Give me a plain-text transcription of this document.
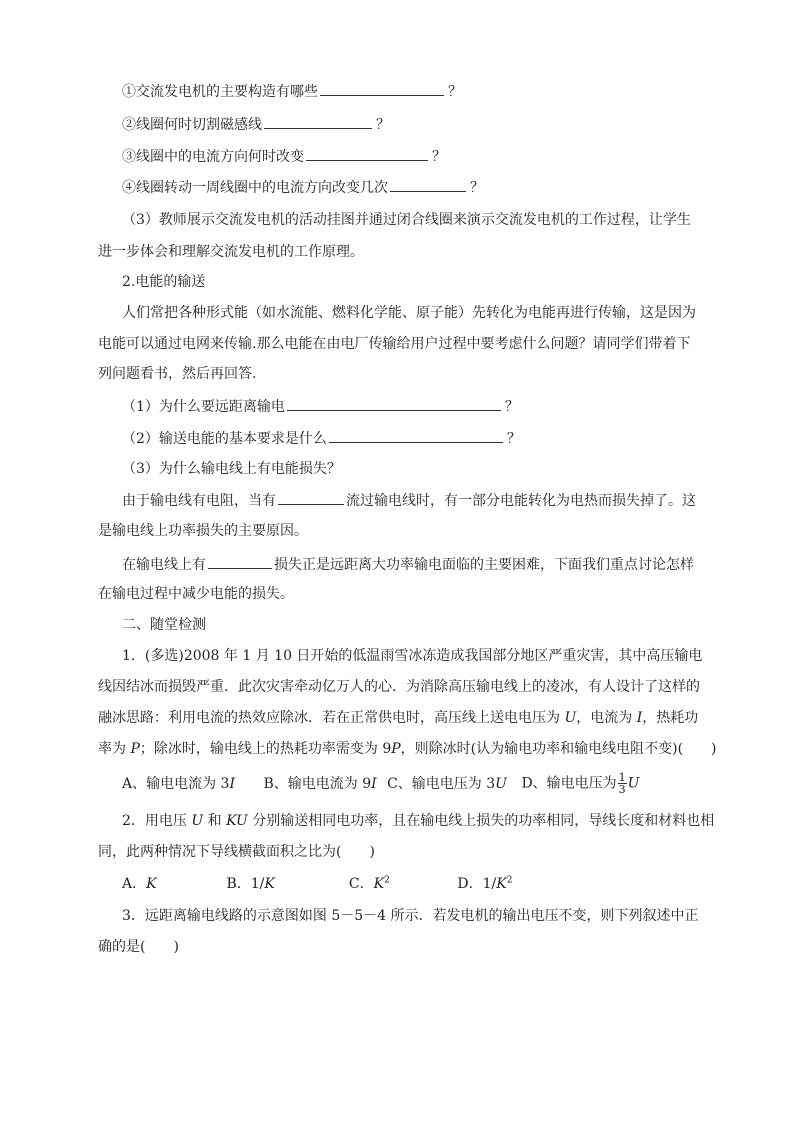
①交流发电机的主要构造有哪些	？
②线圈何时切割磁感线	？
③线圈中的电流方向何时改变	？
④线圈转动一周线圈中的电流方向改变几次	？
（3）教师展示交流发电机的活动挂图并通过闭合线圈来演示交流发电机的工作过程，让学生
进一步体会和理解交流发电机的工作原理。
2.电能的输送
人们常把各种形式能（如水流能、燃料化学能、原子能）先转化为电能再进行传输，这是因为
电能可以通过电网来传输.那么电能在由电厂传输给用户过程中要考虑什么问题？请同学们带着下
列问题看书，然后再回答.
（1）为什么要远距离输电	？
（2）输送电能的基本要求是什么	？
（3）为什么输电线上有电能损失？
由于输电线有电阻，当有	流过输电线时，有一部分电能转化为电热而损失掉了。这
是输电线上功率损失的主要原因。
在输电线上有	损失正是远距离大功率输电面临的主要困难，下面我们重点讨论怎样
在输电过程中减少电能的损失。
二、随堂检测
1．(多选)2008 年 1 月 10 日开始的低温雨雪冰冻造成我国部分地区严重灾害，其中高压输电
线因结冰而损毁严重．此次灾害牵动亿万人的心．为消除高压输电线上的凌冰，有人设计了这样的
融冰思路：利用电流的热效应除冰．若在正常供电时，高压线上送电电压为 U，电流为 I，热耗功
率为 P；除冰时，输电线上的热耗功率需变为 9P，则除冰时(认为输电功率和输电线电阻不变)(　　)
A、输电电流为 3I B、输电电流为 9I C、输电电压为 3U D、输电电压为 $\frac{1}{3}$ U
2．用电压 U 和 KU 分别输送相同电功率，且在输电线上损失的功率相同，导线长度和材料也相
同，此两种情况下导线横截面积之比为(　　)
A．K	B．1/K	C．$K^2$	D．$1/K^2$
3．远距离输电线路的示意图如图 5－5－4 所示．若发电机的输出电压不变，则下列叙述中正
确的是(　　)
